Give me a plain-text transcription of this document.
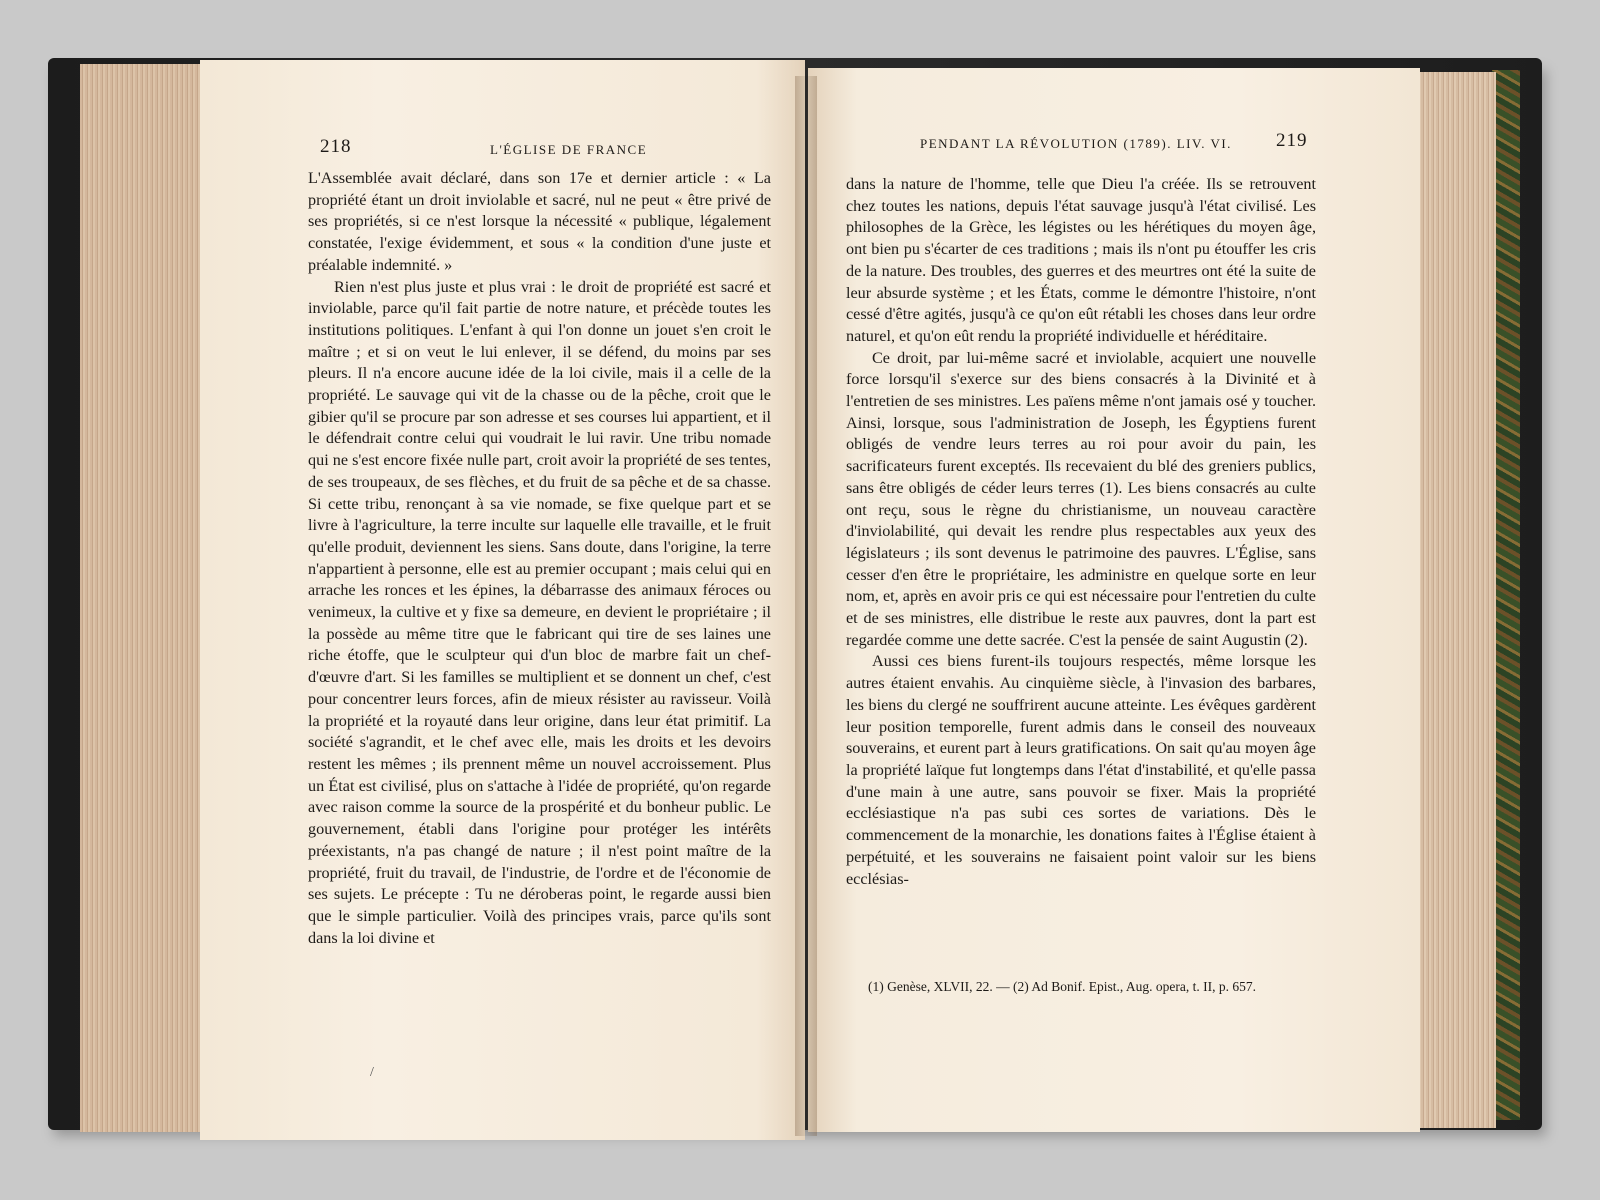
218	L'ÉGLISE DE FRANCE

L'Assemblée avait déclaré, dans son 17e et dernier article : « La propriété étant un droit inviolable et sacré, nul ne peut « être privé de ses propriétés, si ce n'est lorsque la nécessité « publique, légalement constatée, l'exige évidemment, et sous « la condition d'une juste et préalable indemnité. »

Rien n'est plus juste et plus vrai : le droit de propriété est sacré et inviolable, parce qu'il fait partie de notre nature, et précède toutes les institutions politiques. L'enfant à qui l'on donne un jouet s'en croit le maître ; et si on veut le lui enlever, il se défend, du moins par ses pleurs. Il n'a encore aucune idée de la loi civile, mais il a celle de la propriété. Le sauvage qui vit de la chasse ou de la pêche, croit que le gibier qu'il se procure par son adresse et ses courses lui appartient, et il le défendrait contre celui qui voudrait le lui ravir. Une tribu nomade qui ne s'est encore fixée nulle part, croit avoir la propriété de ses tentes, de ses troupeaux, de ses flèches, et du fruit de sa pêche et de sa chasse. Si cette tribu, renonçant à sa vie nomade, se fixe quelque part et se livre à l'agriculture, la terre inculte sur laquelle elle travaille, et le fruit qu'elle produit, deviennent les siens. Sans doute, dans l'origine, la terre n'appartient à personne, elle est au premier occupant ; mais celui qui en arrache les ronces et les épines, la débarrasse des animaux féroces ou venimeux, la cultive et y fixe sa demeure, en devient le propriétaire ; il la possède au même titre que le fabricant qui tire de ses laines une riche étoffe, que le sculpteur qui d'un bloc de marbre fait un chef-d'œuvre d'art. Si les familles se multiplient et se donnent un chef, c'est pour concentrer leurs forces, afin de mieux résister au ravisseur. Voilà la propriété et la royauté dans leur origine, dans leur état primitif. La société s'agrandit, et le chef avec elle, mais les droits et les devoirs restent les mêmes ; ils prennent même un nouvel accroissement. Plus un État est civilisé, plus on s'attache à l'idée de propriété, qu'on regarde avec raison comme la source de la prospérité et du bonheur public. Le gouvernement, établi dans l'origine pour protéger les intérêts préexistants, n'a pas changé de nature ; il n'est point maître de la propriété, fruit du travail, de l'industrie, de l'ordre et de l'économie de ses sujets. Le précepte : Tu ne déroberas point, le regarde aussi bien que le simple particulier. Voilà des principes vrais, parce qu'ils sont dans la loi divine et

/
PENDANT LA RÉVOLUTION (1789). LIV. VI. 219

dans la nature de l'homme, telle que Dieu l'a créée. Ils se retrouvent chez toutes les nations, depuis l'état sauvage jusqu'à l'état civilisé. Les philosophes de la Grèce, les légistes ou les hérétiques du moyen âge, ont bien pu s'écarter de ces traditions ; mais ils n'ont pu étouffer les cris de la nature. Des troubles, des guerres et des meurtres ont été la suite de leur absurde système ; et les États, comme le démontre l'histoire, n'ont cessé d'être agités, jusqu'à ce qu'on eût rétabli les choses dans leur ordre naturel, et qu'on eût rendu la propriété individuelle et héréditaire.

Ce droit, par lui-même sacré et inviolable, acquiert une nouvelle force lorsqu'il s'exerce sur des biens consacrés à la Divinité et à l'entretien de ses ministres. Les païens même n'ont jamais osé y toucher. Ainsi, lorsque, sous l'administration de Joseph, les Égyptiens furent obligés de vendre leurs terres au roi pour avoir du pain, les sacrificateurs furent exceptés. Ils recevaient du blé des greniers publics, sans être obligés de céder leurs terres (1). Les biens consacrés au culte ont reçu, sous le règne du christianisme, un nouveau caractère d'inviolabilité, qui devait les rendre plus respectables aux yeux des législateurs ; ils sont devenus le patrimoine des pauvres. L'Église, sans cesser d'en être le propriétaire, les administre en quelque sorte en leur nom, et, après en avoir pris ce qui est nécessaire pour l'entretien du culte et de ses ministres, elle distribue le reste aux pauvres, dont la part est regardée comme une dette sacrée. C'est la pensée de saint Augustin (2).

Aussi ces biens furent-ils toujours respectés, même lorsque les autres étaient envahis. Au cinquième siècle, à l'invasion des barbares, les biens du clergé ne souffrirent aucune atteinte. Les évêques gardèrent leur position temporelle, furent admis dans le conseil des nouveaux souverains, et eurent part à leurs gratifications. On sait qu'au moyen âge la propriété laïque fut longtemps dans l'état d'instabilité, et qu'elle passa d'une main à une autre, sans pouvoir se fixer. Mais la propriété ecclésiastique n'a pas subi ces sortes de variations. Dès le commencement de la monarchie, les donations faites à l'Église étaient à perpétuité, et les souverains ne faisaient point valoir sur les biens ecclésias-

(1) Genèse, XLVII, 22. — (2) Ad Bonif. Epist., Aug. opera, t. II, p. 657.
